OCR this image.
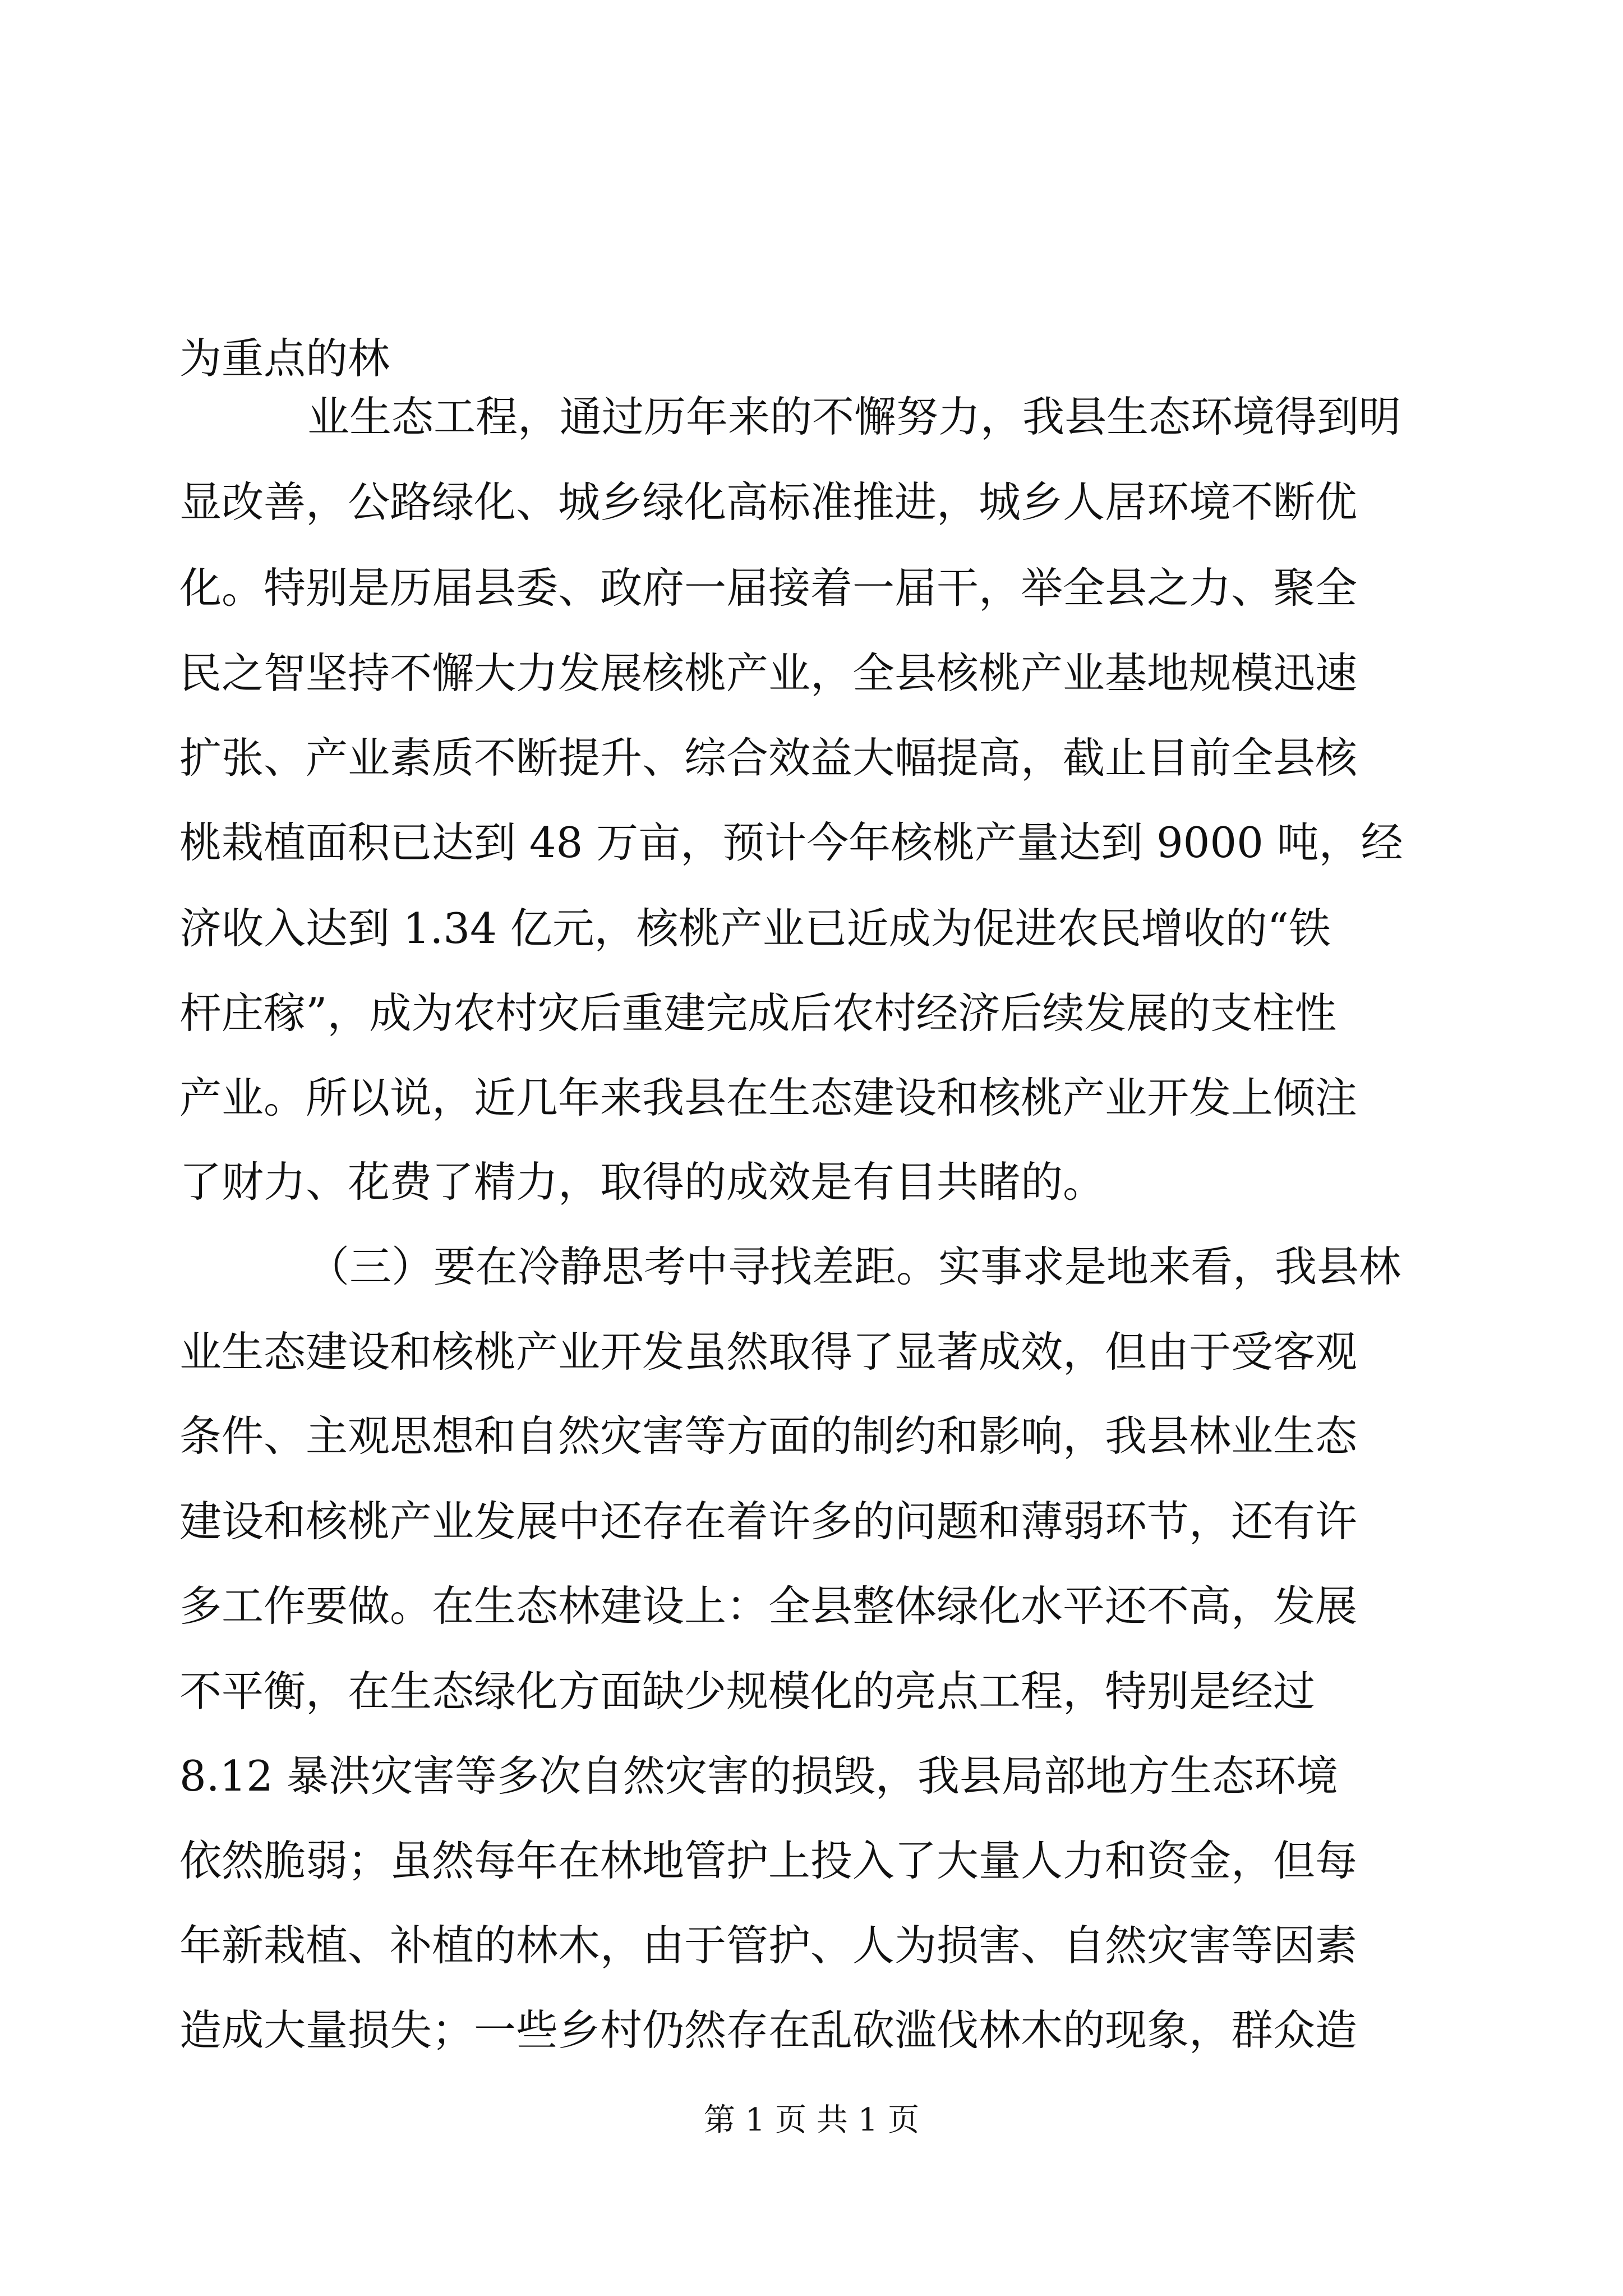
为重点的林
业生态工程，通过历年来的不懈努力，我县生态环境得到明
显改善，公路绿化、城乡绿化高标准推进，城乡人居环境不断优
化。特别是历届县委、政府一届接着一届干，举全县之力、聚全
民之智坚持不懈大力发展核桃产业，全县核桃产业基地规模迅速
扩张、产业素质不断提升、综合效益大幅提高，截止目前全县核
桃栽植面积已达到 48 万亩，预计今年核桃产量达到 9000 吨，经
济收入达到 1.34 亿元，核桃产业已近成为促进农民增收的“铁
杆庄稼”，成为农村灾后重建完成后农村经济后续发展的支柱性
产业。所以说，近几年来我县在生态建设和核桃产业开发上倾注
了财力、花费了精力，取得的成效是有目共睹的。
（三）要在冷静思考中寻找差距。实事求是地来看，我县林
业生态建设和核桃产业开发虽然取得了显著成效，但由于受客观
条件、主观思想和自然灾害等方面的制约和影响，我县林业生态
建设和核桃产业发展中还存在着许多的问题和薄弱环节，还有许
多工作要做。在生态林建设上：全县整体绿化水平还不高，发展
不平衡，在生态绿化方面缺少规模化的亮点工程，特别是经过
8.12 暴洪灾害等多次自然灾害的损毁，我县局部地方生态环境
依然脆弱；虽然每年在林地管护上投入了大量人力和资金，但每
年新栽植、补植的林木，由于管护、人为损害、自然灾害等因素
造成大量损失；一些乡村仍然存在乱砍滥伐林木的现象，群众造
第 1 页 共 1 页
